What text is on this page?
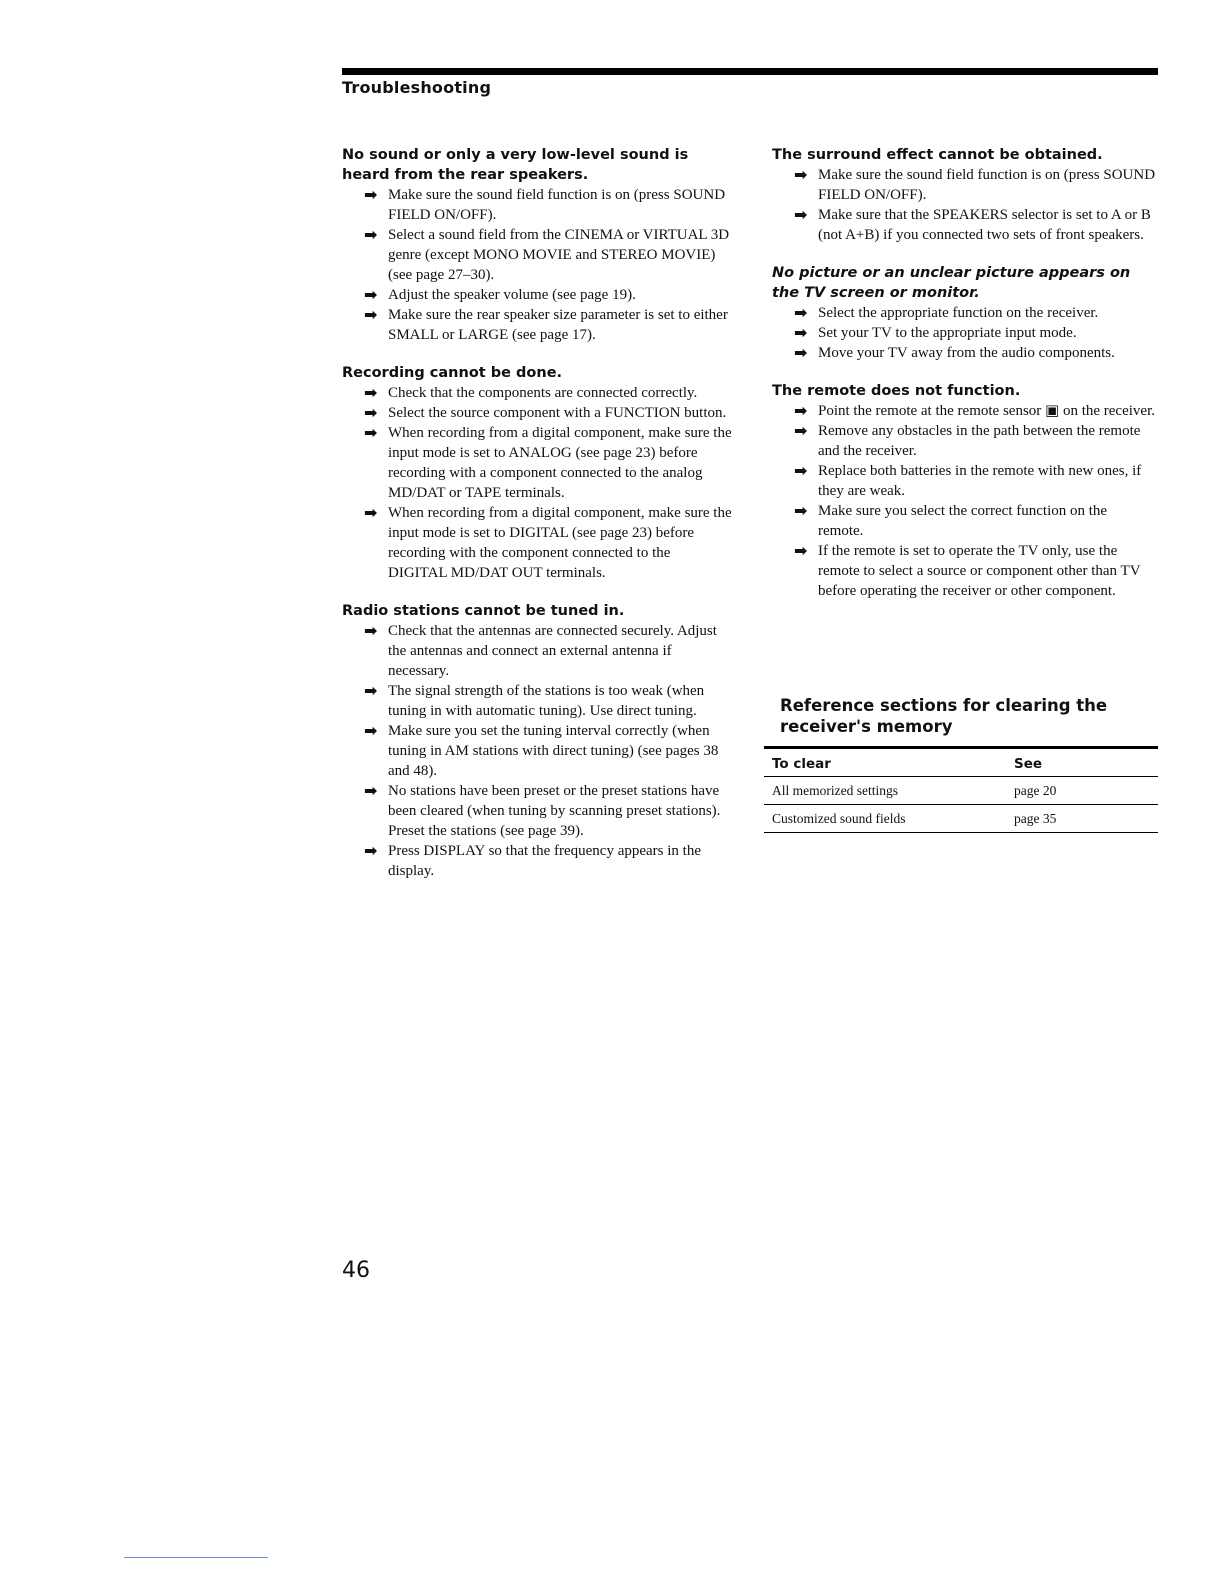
Troubleshooting

No sound or only a very low-level sound is heard from the rear speakers.

➡ Make sure the sound field function is on (press SOUND FIELD ON/OFF).
➡ Select a sound field from the CINEMA or VIRTUAL 3D genre (except MONO MOVIE and STEREO MOVIE) (see page 27–30).
➡ Adjust the speaker volume (see page 19).
➡ Make sure the rear speaker size parameter is set to either SMALL or LARGE (see page 17).

Recording cannot be done.

➡ Check that the components are connected correctly.
➡ Select the source component with a FUNCTION button.
➡ When recording from a digital component, make sure the input mode is set to ANALOG (see page 23) before recording with a component connected to the analog MD/DAT or TAPE terminals.
➡ When recording from a digital component, make sure the input mode is set to DIGITAL (see page 23) before recording with the component connected to the DIGITAL MD/DAT OUT terminals.

Radio stations cannot be tuned in.

➡ Check that the antennas are connected securely. Adjust the antennas and connect an external antenna if necessary.
➡ The signal strength of the stations is too weak (when tuning in with automatic tuning). Use direct tuning.
➡ Make sure you set the tuning interval correctly (when tuning in AM stations with direct tuning) (see pages 38 and 48).
➡ No stations have been preset or the preset stations have been cleared (when tuning by scanning preset stations). Preset the stations (see page 39).
➡ Press DISPLAY so that the frequency appears in the display.

The surround effect cannot be obtained.

➡ Make sure the sound field function is on (press SOUND FIELD ON/OFF).
➡ Make sure that the SPEAKERS selector is set to A or B (not A+B) if you connected two sets of front speakers.

No picture or an unclear picture appears on the TV screen or monitor.

➡ Select the appropriate function on the receiver.
➡ Set your TV to the appropriate input mode.
➡ Move your TV away from the audio components.

The remote does not function.

➡ Point the remote at the remote sensor ▣ on the receiver.
➡ Remove any obstacles in the path between the remote and the receiver.
➡ Replace both batteries in the remote with new ones, if they are weak.
➡ Make sure you select the correct function on the remote.
➡ If the remote is set to operate the TV only, use the remote to select a source or component other than TV before operating the receiver or other component.
Reference sections for clearing the receiver's memory
To clear	See
All memorized settings	page 20
Customized sound fields	page 35
46
